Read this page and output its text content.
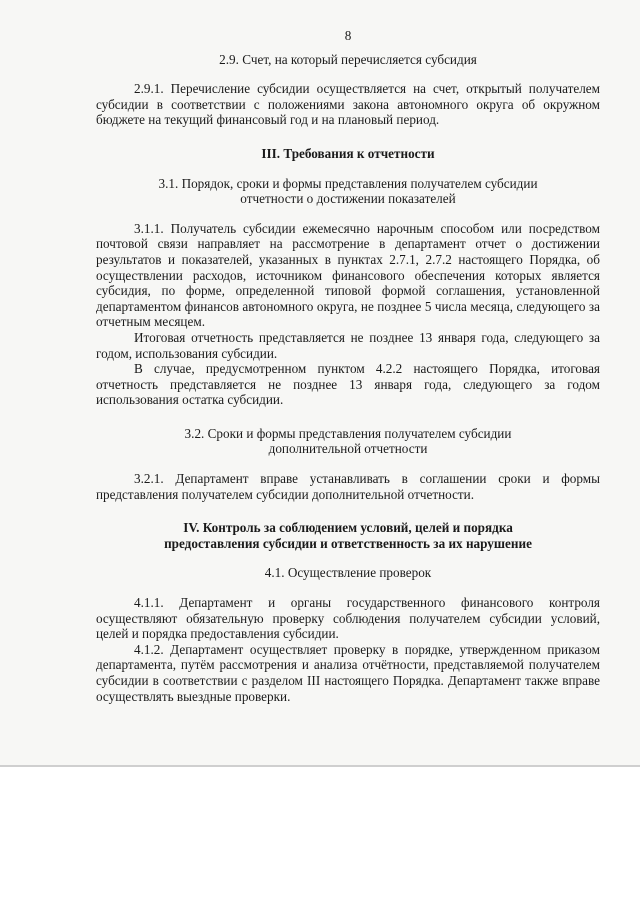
8
2.9. Счет, на который перечисляется субсидия

2.9.1. Перечисление субсидии осуществляется на счет, открытый получателем субсидии в соответствии с положениями закона автономного округа об окружном бюджете на текущий финансовый год и на плановый период.

III. Требования к отчетности
3.1. Порядок, сроки и формы представления получателем субсидии
отчетности о достижении показателей

3.1.1. Получатель субсидии ежемесячно нарочным способом или посредством почтовой связи направляет на рассмотрение в департамент отчет о достижении результатов и показателей, указанных в пунктах 2.7.1, 2.7.2 настоящего Порядка, об осуществлении расходов, источником финансового обеспечения которых является субсидия, по форме, определенной типовой формой соглашения, установленной департаментом финансов автономного округа, не позднее 5 числа месяца, следующего за отчетным месяцем.

Итоговая отчетность представляется не позднее 13 января года, следующего за годом, использования субсидии.

В случае, предусмотренном пунктом 4.2.2 настоящего Порядка, итоговая отчетность представляется не позднее 13 января года, следующего за годом использования остатка субсидии.

3.2. Сроки и формы представления получателем субсидии
дополнительной отчетности

3.2.1. Департамент вправе устанавливать в соглашении сроки и формы представления получателем субсидии дополнительной отчетности.

IV. Контроль за соблюдением условий, целей и порядка
предоставления субсидии и ответственность за их нарушение
4.1. Осуществление проверок

4.1.1. Департамент и органы государственного финансового контроля осуществляют обязательную проверку соблюдения получателем субсидии условий, целей и порядка предоставления субсидии.

4.1.2. Департамент осуществляет проверку в порядке, утвержденном приказом департамента, путём рассмотрения и анализа отчётности, представляемой получателем субсидии в соответствии с разделом III настоящего Порядка. Департамент также вправе осуществлять выездные проверки.
